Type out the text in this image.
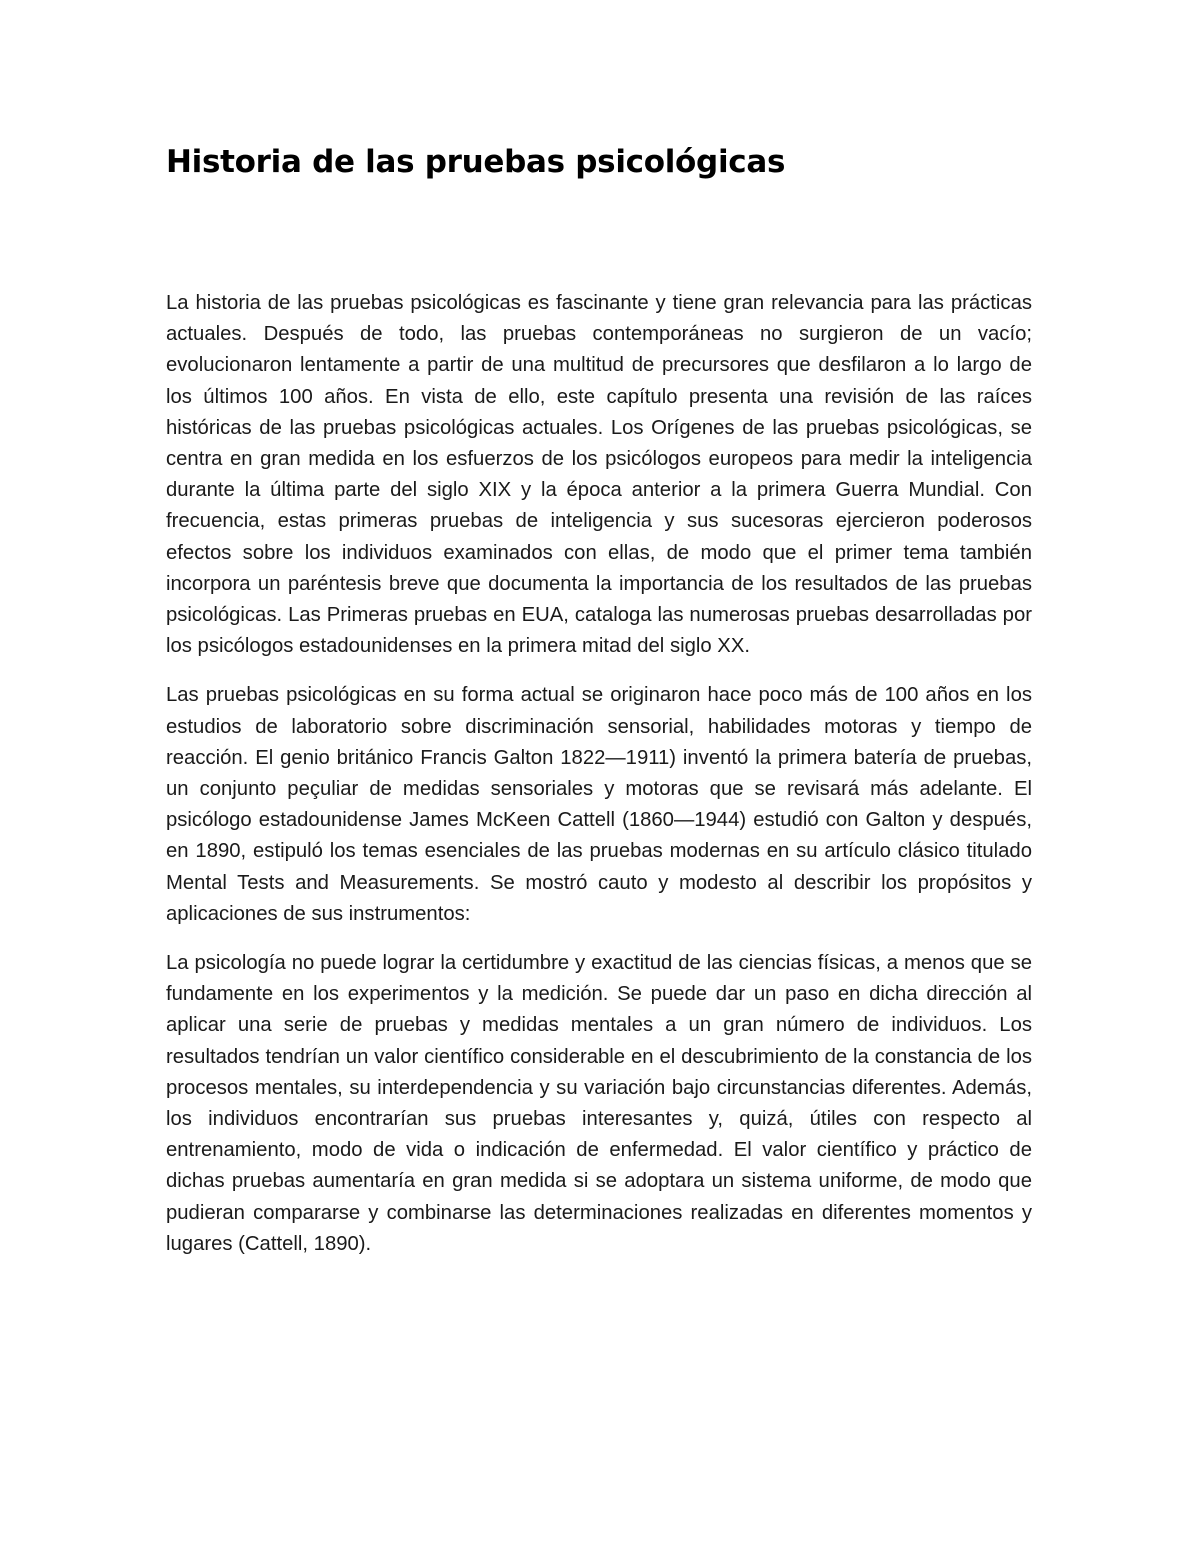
Historia de las pruebas psicológicas

La historia de las pruebas psicológicas es fascinante y tiene gran relevancia para las prácticas actuales. Después de todo, las pruebas contemporáneas no surgieron de un vacío; evolucionaron lentamente a partir de una multitud de precursores que desfilaron a lo largo de los últimos 100 años. En vista de ello, este capítulo presenta una revisión de las raíces históricas de las pruebas psicológicas actuales. Los Orígenes de las pruebas psicológicas, se centra en gran medida en los esfuerzos de los psicólogos europeos para medir la inteligencia durante la última parte del siglo XIX y la época anterior a la primera Guerra Mundial. Con frecuencia, estas primeras pruebas de inteligencia y sus sucesoras ejercieron poderosos efectos sobre los individuos examinados con ellas, de modo que el primer tema también incorpora un paréntesis breve que documenta la importancia de los resultados de las pruebas psicológicas. Las Primeras pruebas en EUA, cataloga las numerosas pruebas desarrolladas por los psicólogos estadounidenses en la primera mitad del siglo XX.

Las pruebas psicológicas en su forma actual se originaron hace poco más de 100 años en los estudios de laboratorio sobre discriminación sensorial, habilidades motoras y tiempo de reacción. El genio británico Francis Galton 1822—1911) inventó la primera batería de pruebas, un conjunto peçuliar de medidas sensoriales y motoras que se revisará más adelante. El psicólogo estadounidense James McKeen Cattell (1860—1944) estudió con Galton y después, en 1890, estipuló los temas esenciales de las pruebas modernas en su artículo clásico titulado Mental Tests and Measurements. Se mostró cauto y modesto al describir los propósitos y aplicaciones de sus instrumentos:

La psicología no puede lograr la certidumbre y exactitud de las ciencias físicas, a menos que se fundamente en los experimentos y la medición. Se puede dar un paso en dicha dirección al aplicar una serie de pruebas y medidas mentales a un gran número de individuos. Los resultados tendrían un valor científico considerable en el descubrimiento de la constancia de los procesos mentales, su interdependencia y su variación bajo circunstancias diferentes. Además, los individuos encontrarían sus pruebas interesantes y, quizá, útiles con respecto al entrenamiento, modo de vida o indicación de enfermedad. El valor científico y práctico de dichas pruebas aumentaría en gran medida si se adoptara un sistema uniforme, de modo que pudieran compararse y combinarse las determinaciones realizadas en diferentes momentos y lugares (Cattell, 1890).
